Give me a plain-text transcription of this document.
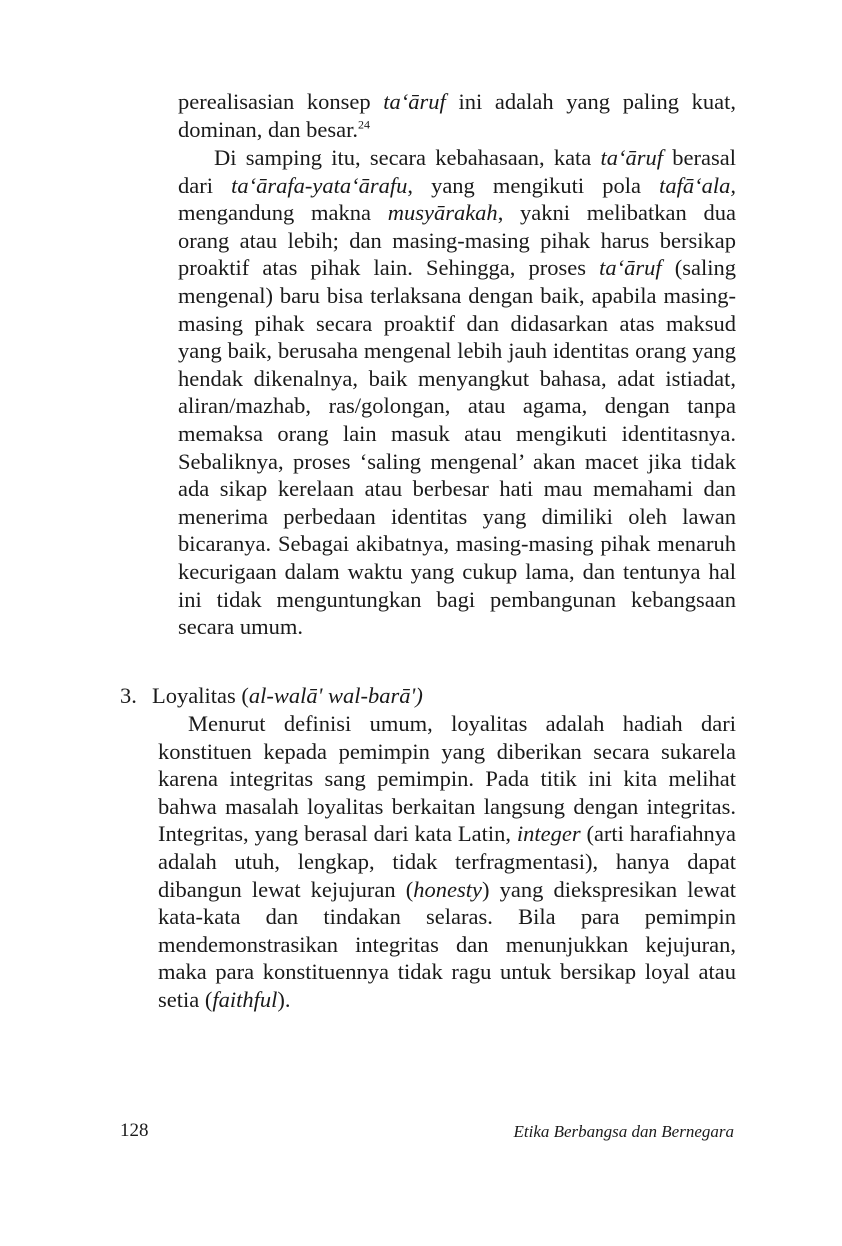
perealisasian konsep ta‘āruf ini adalah yang paling kuat, dominan, dan besar.$^{24}$

Di samping itu, secara kebahasaan, kata ta‘āruf berasal dari ta‘ārafa-yata‘ārafu, yang mengikuti pola tafā‘ala, mengandung makna musyārakah, yakni melibatkan dua orang atau lebih; dan masing-masing pihak harus bersikap proaktif atas pihak lain. Sehingga, proses ta‘āruf (saling mengenal) baru bisa terlaksana dengan baik, apabila masing-masing pihak secara proaktif dan didasarkan atas maksud yang baik, berusaha mengenal lebih jauh identitas orang yang hendak dikenalnya, baik menyangkut bahasa, adat istiadat, aliran/mazhab, ras/golongan, atau agama, dengan tanpa memaksa orang lain masuk atau mengikuti identitasnya. Sebaliknya, proses ‘saling mengenal’ akan macet jika tidak ada sikap kerelaan atau berbesar hati mau memahami dan menerima perbedaan identitas yang dimiliki oleh lawan bicaranya. Sebagai akibatnya, masing-masing pihak menaruh kecurigaan dalam waktu yang cukup lama, dan tentunya hal ini tidak menguntungkan bagi pembangunan kebangsaan secara umum.

3. Loyalitas (al-walā' wal-barā')

Menurut definisi umum, loyalitas adalah hadiah dari konstituen kepada pemimpin yang diberikan secara sukarela karena integritas sang pemimpin. Pada titik ini kita melihat bahwa masalah loyalitas berkaitan langsung dengan integritas. Integritas, yang berasal dari kata Latin, integer (arti harafiahnya adalah utuh, lengkap, tidak terfragmentasi), hanya dapat dibangun lewat kejujuran (honesty) yang diekspresikan lewat kata-kata dan tindakan selaras. Bila para pemimpin mendemonstrasikan integritas dan menunjukkan kejujuran, maka para konstituennya tidak ragu untuk bersikap loyal atau setia (faithful).

128	Etika Berbangsa dan Bernegara
